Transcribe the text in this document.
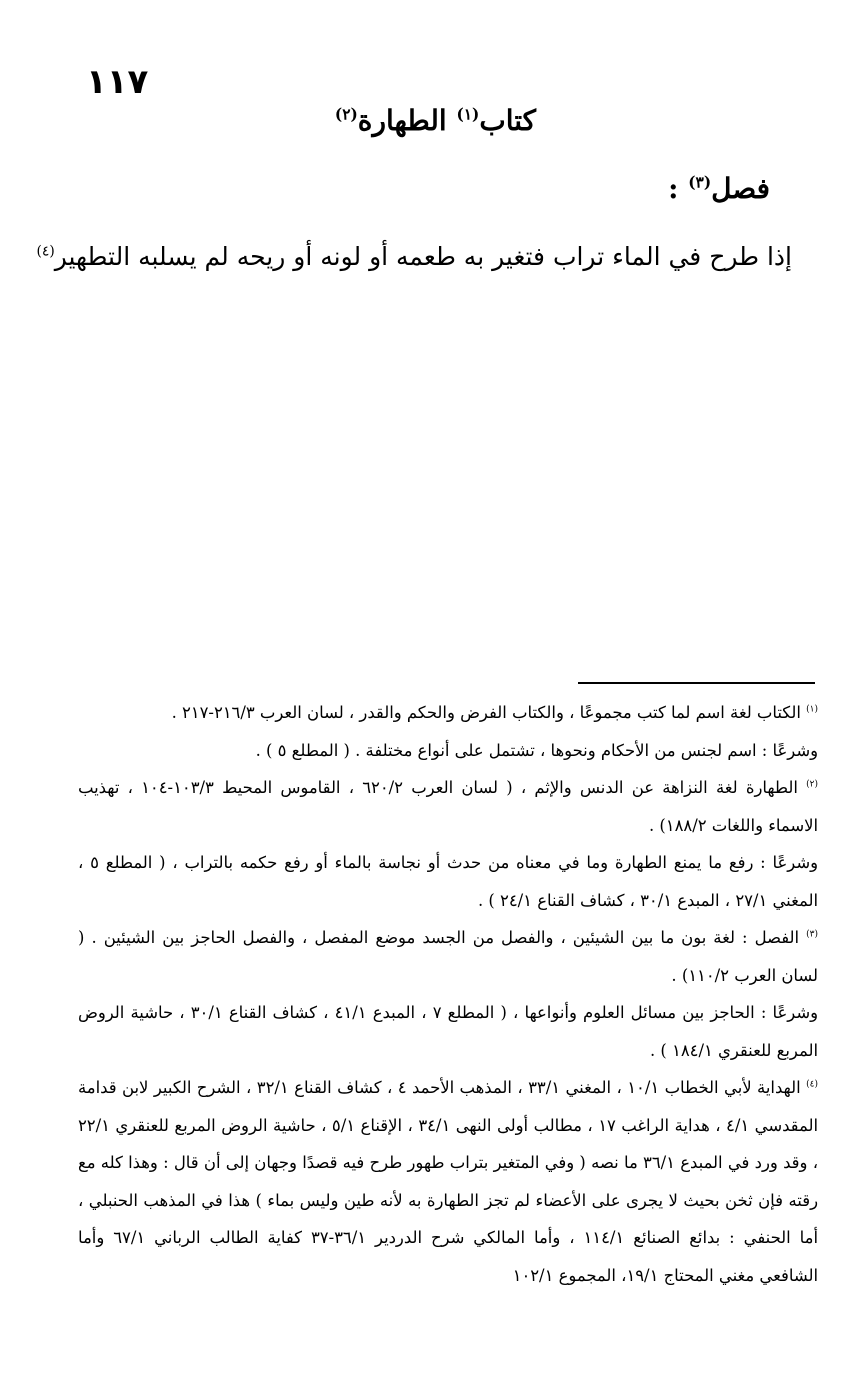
١١٧
كتاب$^{(١)}$ الطهارة$^{(٢)}$
فصل$^{(٣)}$ :
إذا طرح في الماء تراب فتغير به طعمه أو لونه أو ريحه لم يسلبه التطهير$^{(٤)}$

$^{(١)}$ الكتاب لغة اسم لما كتب مجموعًا ، والكتاب الفرض والحكم والقدر ، لسان العرب ٢١٦/٣-٢١٧ .

وشرعًا : اسم لجنس من الأحكام ونحوها ، تشتمل على أنواع مختلفة . ( المطلع ٥ ) .

$^{(٢)}$ الطهارة لغة النزاهة عن الدنس والإثم ، ( لسان العرب ٦٢٠/٢ ، القاموس المحيط ١٠٣/٣-١٠٤ ، تهذيب الاسماء واللغات ١٨٨/٢) .

وشرعًا : رفع ما يمنع الطهارة وما في معناه من حدث أو نجاسة بالماء أو رفع حكمه بالتراب ، ( المطلع ٥ ، المغني ٢٧/١ ، المبدع ٣٠/١ ، كشاف القناع ٢٤/١ ) .

$^{(٣)}$ الفصل : لغة بون ما بين الشيئين ، والفصل من الجسد موضع المفصل ، والفصل الحاجز بين الشيئين . ( لسان العرب ١١٠/٢) .

وشرعًا : الحاجز بين مسائل العلوم وأنواعها ، ( المطلع ٧ ، المبدع ٤١/١ ، كشاف القناع ٣٠/١ ، حاشية الروض المربع للعنقري ١٨٤/١ ) .

$^{(٤)}$ الهداية لأبي الخطاب ١٠/١ ، المغني ٣٣/١ ، المذهب الأحمد ٤ ، كشاف القناع ٣٢/١ ، الشرح الكبير لابن قدامة المقدسي ٤/١ ، هداية الراغب ١٧ ، مطالب أولى النهى ٣٤/١ ، الإقناع ٥/١ ، حاشية الروض المربع للعنقري ٢٢/١ ، وقد ورد في المبدع ٣٦/١ ما نصه ( وفي المتغير بتراب طهور طرح فيه قصدًا وجهان إلى أن قال : وهذا كله مع رقته فإن ثخن بحيث لا يجرى على الأعضاء لم تجز الطهارة به لأنه طين وليس بماء ) هذا في المذهب الحنبلي ، أما الحنفي : بدائع الصنائع ١١٤/١ ، وأما المالكي شرح الدردير ٣٦/١-٣٧ كفاية الطالب الرباني ٦٧/١ وأما الشافعي مغني المحتاج ١٩/١، المجموع ١٠٢/١
